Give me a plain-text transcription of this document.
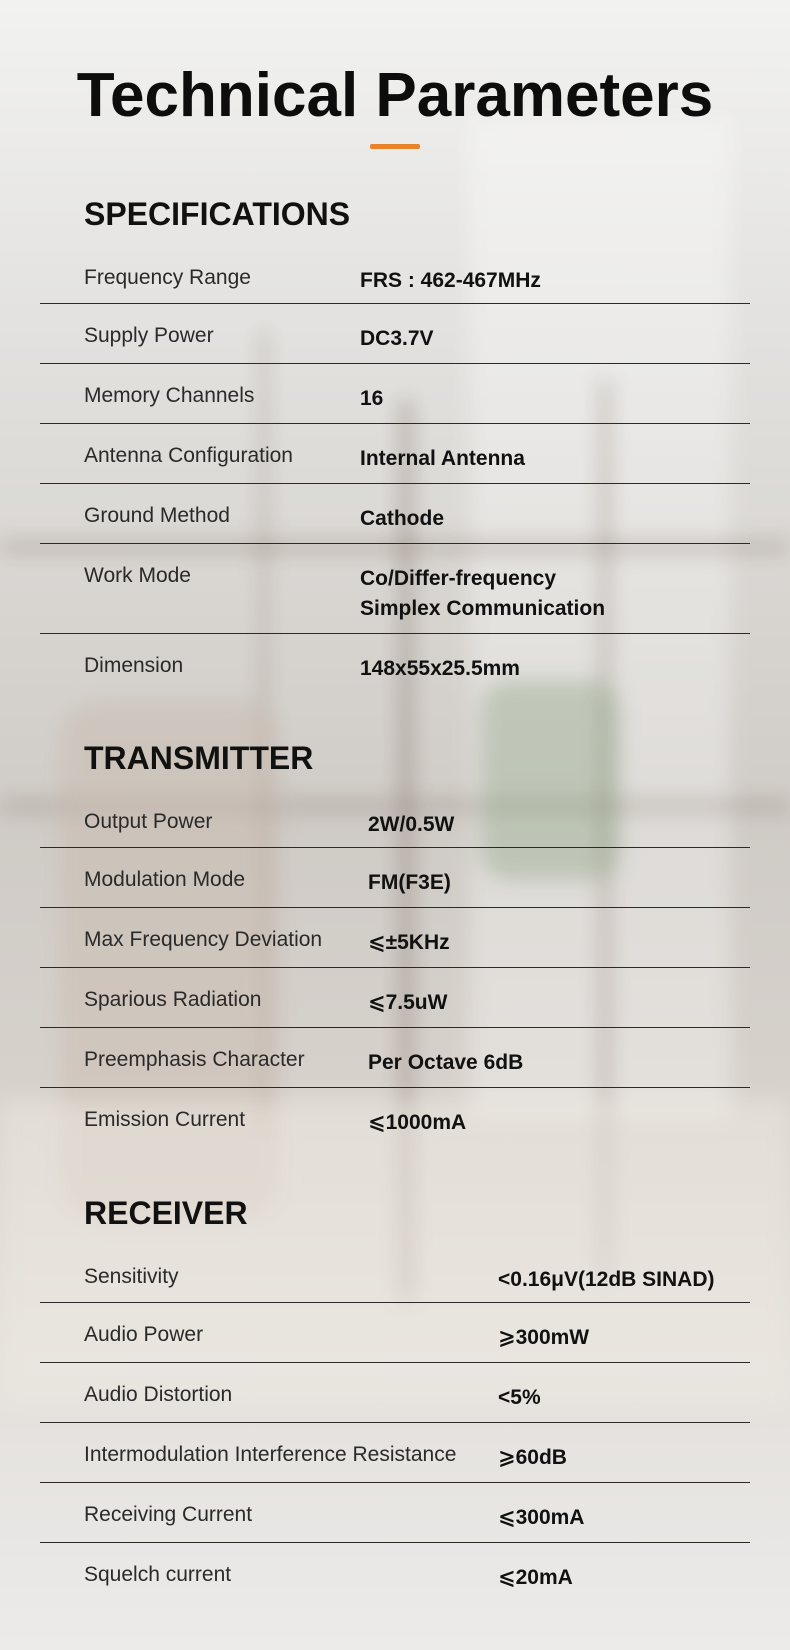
Technical Parameters
SPECIFICATIONS
Frequency Range	FRS : 462-467MHz
Supply Power	DC3.7V
Memory Channels	16
Antenna Configuration	Internal Antenna
Ground Method	Cathode
Work Mode	Co/Differ-frequency
Simplex Communication
Dimension	148x55x25.5mm
TRANSMITTER
Output Power	2W/0.5W
Modulation Mode	FM(F3E)
Max Frequency Deviation ⩽±5KHz
Sparious Radiation	⩽7.5uW
Preemphasis Character	Per Octave 6dB
Emission Current	⩽1000mA
RECEIVER
Sensitivity	<0.16μV(12dB SINAD)
Audio Power	⩾300mW
Audio Distortion	<5%
Intermodulation Interference Resistance ⩾60dB
Receiving Current	⩽300mA
Squelch current	⩽20mA
